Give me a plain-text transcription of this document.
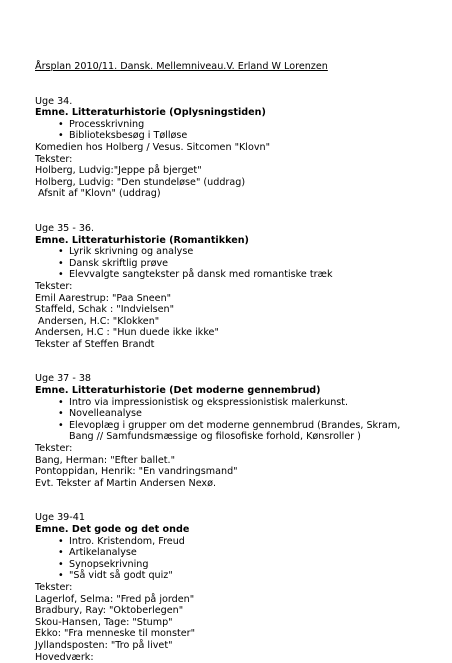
Årsplan 2010/11. Dansk. Mellemniveau.V. Erland W Lorenzen

Uge 34.

Emne. Litteraturhistorie (Oplysningstiden)

• Processkrivning
• Biblioteksbesøg i Tølløse

Komedien hos Holberg / Vesus. Sitcomen "Klovn"

Tekster:

Holberg, Ludvig:"Jeppe på bjerget"

Holberg, Ludvig: "Den stundeløse" (uddrag)

Afsnit af "Klovn" (uddrag)

Uge 35 - 36.

Emne. Litteraturhistorie (Romantikken)

• Lyrik skrivning og analyse
• Dansk skriftlig prøve
• Elevvalgte sangtekster på dansk med romantiske træk

Tekster:

Emil Aarestrup: "Paa Sneen"

Staffeld, Schak : "Indvielsen"

Andersen, H.C: "Klokken"

Andersen, H.C : "Hun duede ikke ikke"

Tekster af Steffen Brandt

Uge 37 - 38

Emne. Litteraturhistorie (Det moderne gennembrud)

• Intro via impressionistisk og ekspressionistisk malerkunst.
• Novelleanalyse
• Elevoplæg i grupper om det moderne gennembrud (Brandes, Skram, Bang // Samfundsmæssige og filosofiske forhold, Kønsroller )

Tekster:

Bang, Herman: "Efter ballet."

Pontoppidan, Henrik: "En vandringsmand"

Evt. Tekster af Martin Andersen Nexø.

Uge 39-41

Emne. Det gode og det onde

• Intro. Kristendom, Freud
• Artikelanalyse
• Synopsekrivning
• "Så vidt så godt quiz"

Tekster:

Lagerlof, Selma: "Fred på jorden"

Bradbury, Ray: "Oktoberlegen"

Skou-Hansen, Tage: "Stump"

Ekko: "Fra menneske til monster"

Jyllandsposten: "Tro på livet"

Hovedværk:
